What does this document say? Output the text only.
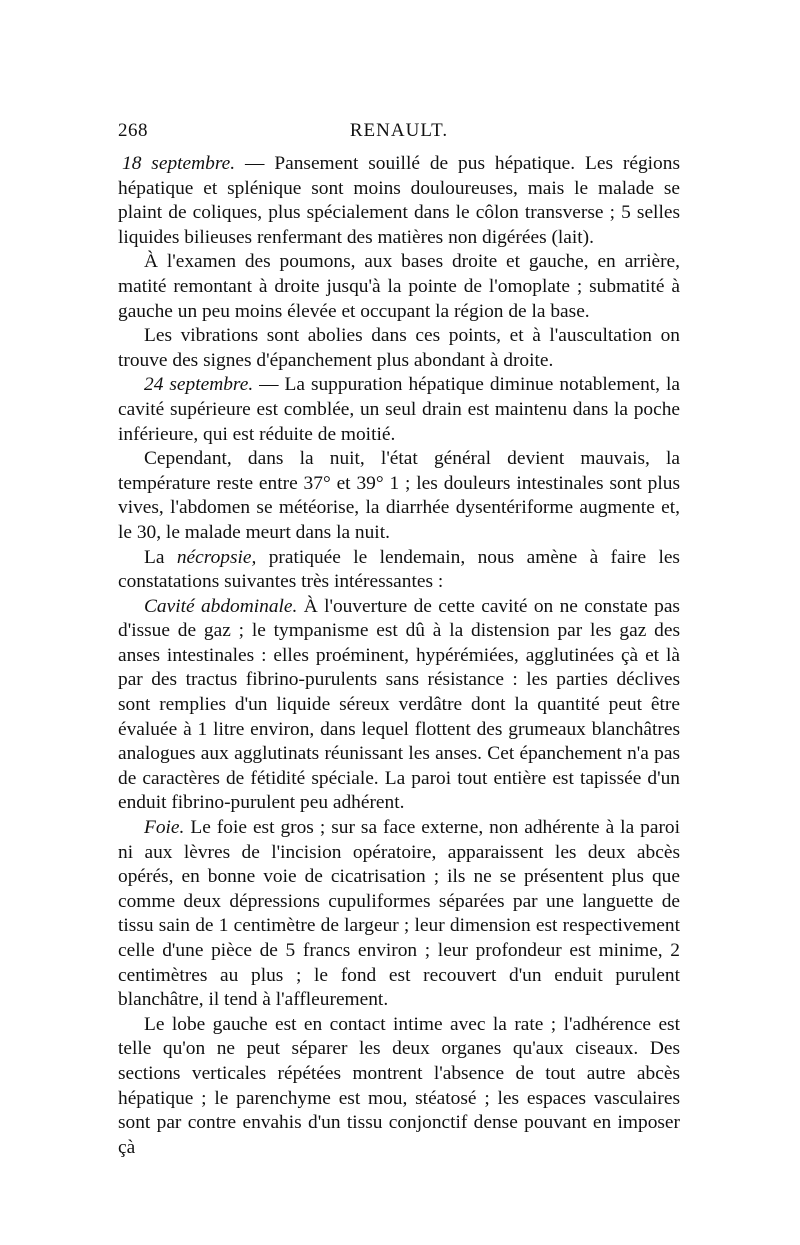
268	RENAULT.

18 septembre. — Pansement souillé de pus hépatique. Les régions hépatique et splénique sont moins douloureuses, mais le malade se plaint de coliques, plus spécialement dans le côlon transverse ; 5 selles liquides bilieuses renfermant des matières non digérées (lait).

À l'examen des poumons, aux bases droite et gauche, en arrière, matité remontant à droite jusqu'à la pointe de l'omoplate ; submatité à gauche un peu moins élevée et occupant la région de la base.

Les vibrations sont abolies dans ces points, et à l'auscultation on trouve des signes d'épanchement plus abondant à droite.

24 septembre. — La suppuration hépatique diminue notablement, la cavité supérieure est comblée, un seul drain est maintenu dans la poche inférieure, qui est réduite de moitié.

Cependant, dans la nuit, l'état général devient mauvais, la température reste entre 37° et 39° 1 ; les douleurs intestinales sont plus vives, l'abdomen se météorise, la diarrhée dysentériforme augmente et, le 30, le malade meurt dans la nuit.

La nécropsie, pratiquée le lendemain, nous amène à faire les constatations suivantes très intéressantes :

Cavité abdominale. À l'ouverture de cette cavité on ne constate pas d'issue de gaz ; le tympanisme est dû à la distension par les gaz des anses intestinales : elles proéminent, hypérémiées, agglutinées çà et là par des tractus fibrino-purulents sans résistance : les parties déclives sont remplies d'un liquide séreux verdâtre dont la quantité peut être évaluée à 1 litre environ, dans lequel flottent des grumeaux blanchâtres analogues aux agglutinats réunissant les anses. Cet épanchement n'a pas de caractères de fétidité spéciale. La paroi tout entière est tapissée d'un enduit fibrino-purulent peu adhérent.

Foie. Le foie est gros ; sur sa face externe, non adhérente à la paroi ni aux lèvres de l'incision opératoire, apparaissent les deux abcès opérés, en bonne voie de cicatrisation ; ils ne se présentent plus que comme deux dépressions cupuliformes séparées par une languette de tissu sain de 1 centimètre de largeur ; leur dimension est respectivement celle d'une pièce de 5 francs environ ; leur profondeur est minime, 2 centimètres au plus ; le fond est recouvert d'un enduit purulent blanchâtre, il tend à l'affleurement.

Le lobe gauche est en contact intime avec la rate ; l'adhérence est telle qu'on ne peut séparer les deux organes qu'aux ciseaux. Des sections verticales répétées montrent l'absence de tout autre abcès hépatique ; le parenchyme est mou, stéatosé ; les espaces vasculaires sont par contre envahis d'un tissu conjonctif dense pouvant en imposer çà
